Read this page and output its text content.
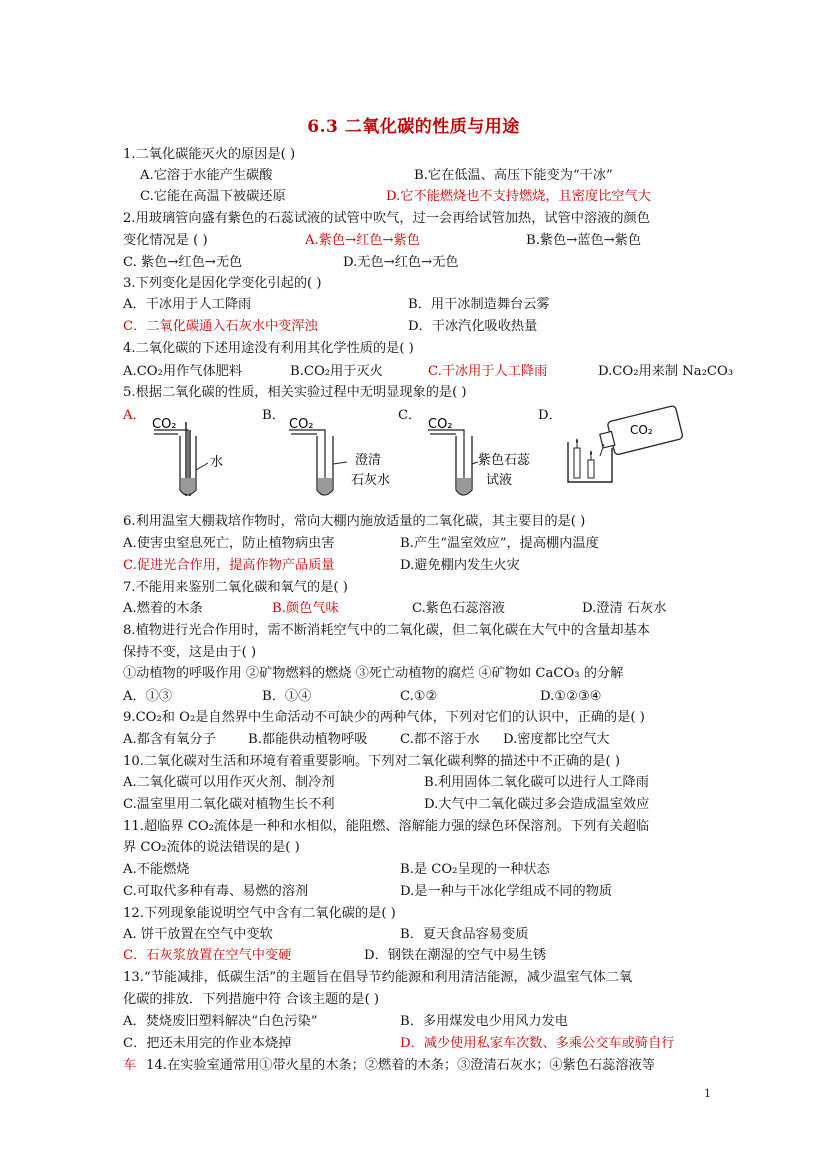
6.3 二氧化碳的性质与用途
1.二氧化碳能灭火的原因是( )
A.它溶于水能产生碳酸	B.它在低温、高压下能变为“干冰”
C.它能在高温下被碳还原	D.它不能燃烧也不支持燃烧，且密度比空气大
2.用玻璃管向盛有紫色的石蕊试液的试管中吹气，过一会再给试管加热，试管中溶液的颜色
变化情况是 ( )	A.紫色→红色→紫色	B.紫色→蓝色→紫色
C. 紫色→红色→无色	D.无色→红色→无色
3.下列变化是因化学变化引起的( )
A．干冰用于人工降雨	B．用干冰制造舞台云雾
C．二氧化碳通入石灰水中变浑浊	D．干冰汽化吸收热量
4.二氧化碳的下述用途没有利用其化学性质的是( )
A.CO₂用作气体肥料	B.CO₂用于灭火	C.干冰用于人工降雨	D.CO₂用来制 Na₂CO₃
5.根据二氧化碳的性质，相关实验过程中无明显现象的是( )
A．	B．	C．	D．
CO₂
水
CO₂
澄清
石灰水
CO₂
紫色石蕊
试液
CO₂
6.利用温室大棚栽培作物时，常向大棚内施放适量的二氧化碳，其主要目的是( )
A.使害虫窒息死亡，防止植物病虫害	B.产生“温室效应”，提高棚内温度
C.促进光合作用，提高作物产品质量	D.避免棚内发生火灾
7.不能用来鉴别二氧化碳和氧气的是( )
A.燃着的木条	B.颜色气味	C.紫色石蕊溶液	D.澄清 石灰水
8.植物进行光合作用时，需不断消耗空气中的二氧化碳，但二氧化碳在大气中的含量却基本
保持不变，这是由于( )
①动植物的呼吸作用 ②矿物燃料的燃烧 ③死亡动植物的腐烂 ④矿物如 CaCO₃ 的分解
A．①③	B．①④	C.①②	D.①②③④
9.CO₂和 O₂是自然界中生命活动不可缺少的两种气体，下列对它们的认识中，正确的是( )
A.都含有氧分子 B.都能供动植物呼吸 C.都不溶于水 D.密度都比空气大
10.二氧化碳对生活和环境有着重要影响。下列对二氧化碳利弊的描述中不正确的是( )
A.二氧化碳可以用作灭火剂、制冷剂	B.利用固体二氧化碳可以进行人工降雨
C.温室里用二氧化碳对植物生长不利	D.大气中二氧化碳过多会造成温室效应
11.超临界 CO₂流体是一种和水相似，能阻燃、溶解能力强的绿色环保溶剂。下列有关超临
界 CO₂流体的说法错误的是( )
A.不能燃烧	B.是 CO₂呈现的一种状态
C.可取代多种有毒、易燃的溶剂	D.是一种与干冰化学组成不同的物质
12.下列现象能说明空气中含有二氧化碳的是( )
A. 饼干放置在空气中变软	B．夏天食品容易变质
C．石灰浆放置在空气中变硬	D．钢铁在潮湿的空气中易生锈
13.“节能减排，低碳生活”的主题旨在倡导节约能源和利用清洁能源，减少温室气体二氧
化碳的排放．下列措施中符 合该主题的是( )
A．焚烧废旧塑料解决“白色污染”	B．多用煤发电少用风力发电
C．把还未用完的作业本烧掉	D．减少使用私家车次数、多乘公交车或骑自行
车 14.在实验室通常用①带火星的木条；②燃着的木条；③澄清石灰水；④紫色石蕊溶液等
1
